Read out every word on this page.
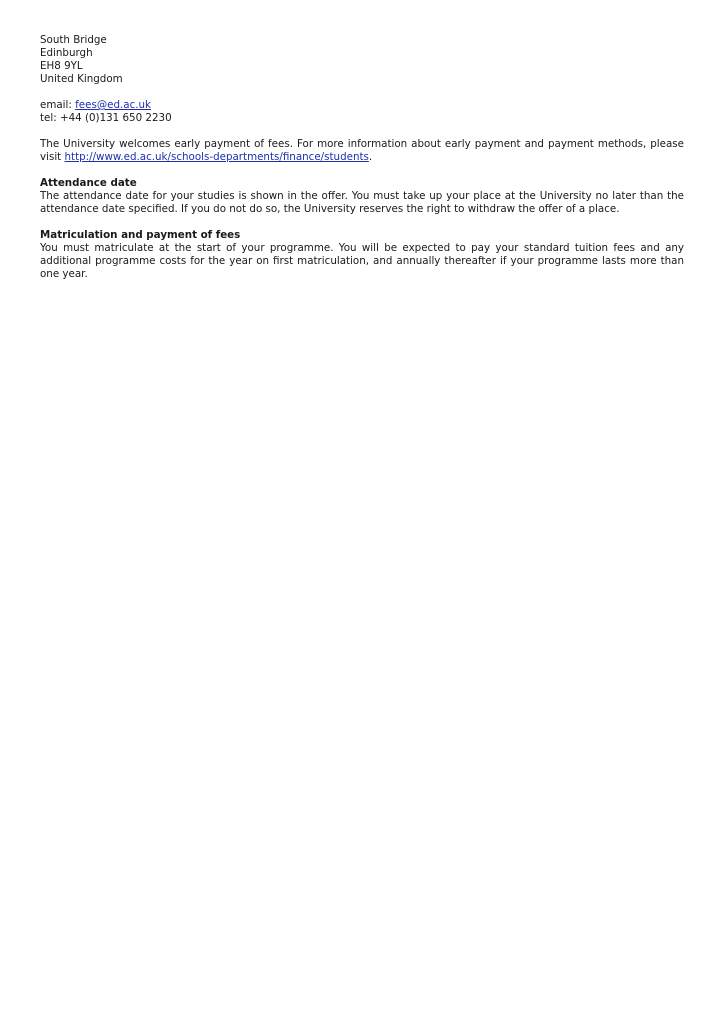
South Bridge
Edinburgh
EH8 9YL
United Kingdom
email: fees@ed.ac.uk
tel: +44 (0)131 650 2230

The University welcomes early payment of fees. For more information about early payment and payment methods, please visit http://www.ed.ac.uk/schools-departments/finance/students.

Attendance date

The attendance date for your studies is shown in the offer. You must take up your place at the University no later than the attendance date specified. If you do not do so, the University reserves the right to withdraw the offer of a place.

Matriculation and payment of fees

You must matriculate at the start of your programme. You will be expected to pay your standard tuition fees and any additional programme costs for the year on first matriculation, and annually thereafter if your programme lasts more than one year.
